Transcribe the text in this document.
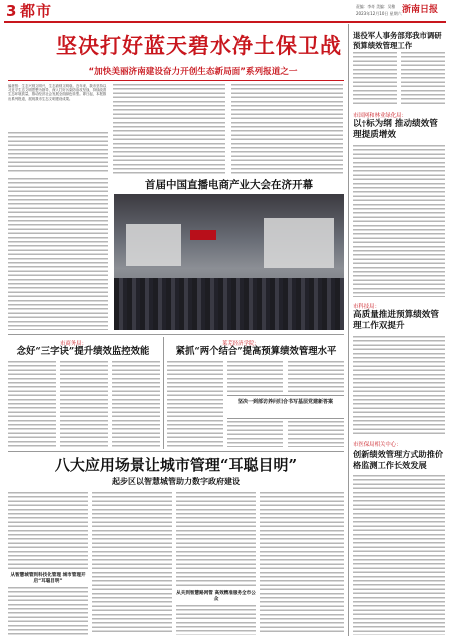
3 都市	浙南日报
责编：李奇 美编：吴稚
2023年12月10日 星期六
坚决打好蓝天碧水净土保卫战
“加快美丽济南建设奋力开创生态新局面”系列报道之一
编者按：生态兴则文明兴，生态衰则文明衰。近年来，我市坚持以习近平生态文明思想为指导，深入打好污染防治攻坚战，持续改善生态环境质量，推动经济社会发展全面绿色转型。即日起，本报推出系列报道，展现我市生态文明建设成果。
首届中国直播电商产业大会在济开幕
退役军人事务部郑我市调研预算绩效管理工作
市国网和林业绿化局：
以†标为纲 推动绩效管理提质增效
市科技局：
高质量推进预算绩效管理工作双提升
市医保局相关中心：
创新绩效管理方式助推价格监测工作长效发展
市商务局：
念好“三字诀”提升绩效监控效能
莱芜经济学院：
紧抓“两个结合”提高预算绩效管理水平
坚决一到部访养问归合书写基层党建新答案
八大应用场景让城市管理“耳聪目明”
起步区以智慧城管助力数字政府建设
从智慧城管到科技化管理 城市管理开启“耳聪目明”
从关到智慧路网管 高效精准服务全市公众
